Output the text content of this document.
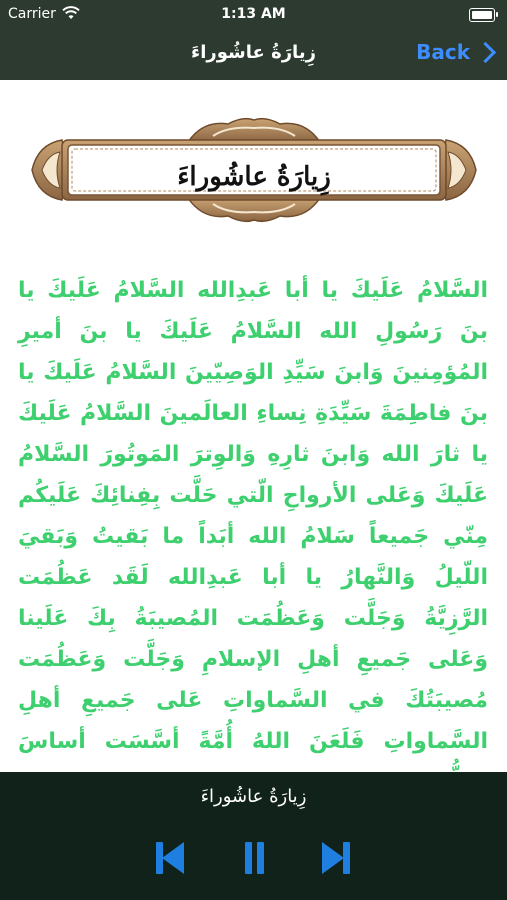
Carrier	1:13 AM
زِيارَةُ عاشُوراءَ	Back
زِيارَةُ عاشُوراءَ
السَّلامُ عَلَيكَ يا أبا عَبدِالله السَّلامُ عَلَيكَ يا بنَ رَسُولِ الله السَّلامُ عَلَيكَ يا بنَ أميرِ المُؤمِنينَ وَابنَ سَيِّدِ الوَصِيّينَ السَّلامُ عَلَيكَ يا بنَ فاطِمَةَ سَيِّدَةِ نِساءِ العالَمينَ السَّلامُ عَلَيكَ يا ثارَ الله وَابنَ ثارِهِ وَالوِترَ المَوتُورَ السَّلامُ عَلَيكَ وَعَلى الأرواحِ الّتي حَلَّت بِفِنائِكَ عَلَيكُم مِنّي جَميعاً سَلامُ الله أبَداً ما بَقيتُ وَبَقيَ اللّيلُ وَالنَّهارُ يا أبا عَبدِالله لَقَد عَظُمَت الرَّزِيَّةُ وَجَلَّت وَعَظُمَت المُصيبَةُ بِكَ عَلَينا وَعَلى جَميعِ أهلِ الإسلامِ وَجَلَّت وَعَظُمَت مُصيبَتُكَ في السَّماواتِ عَلى جَميعِ أهلِ السَّماواتِ فَلَعَنَ اللهُ أُمَّةً أسَّسَت أساسَ
زِيارَةُ عاشُوراءَ
